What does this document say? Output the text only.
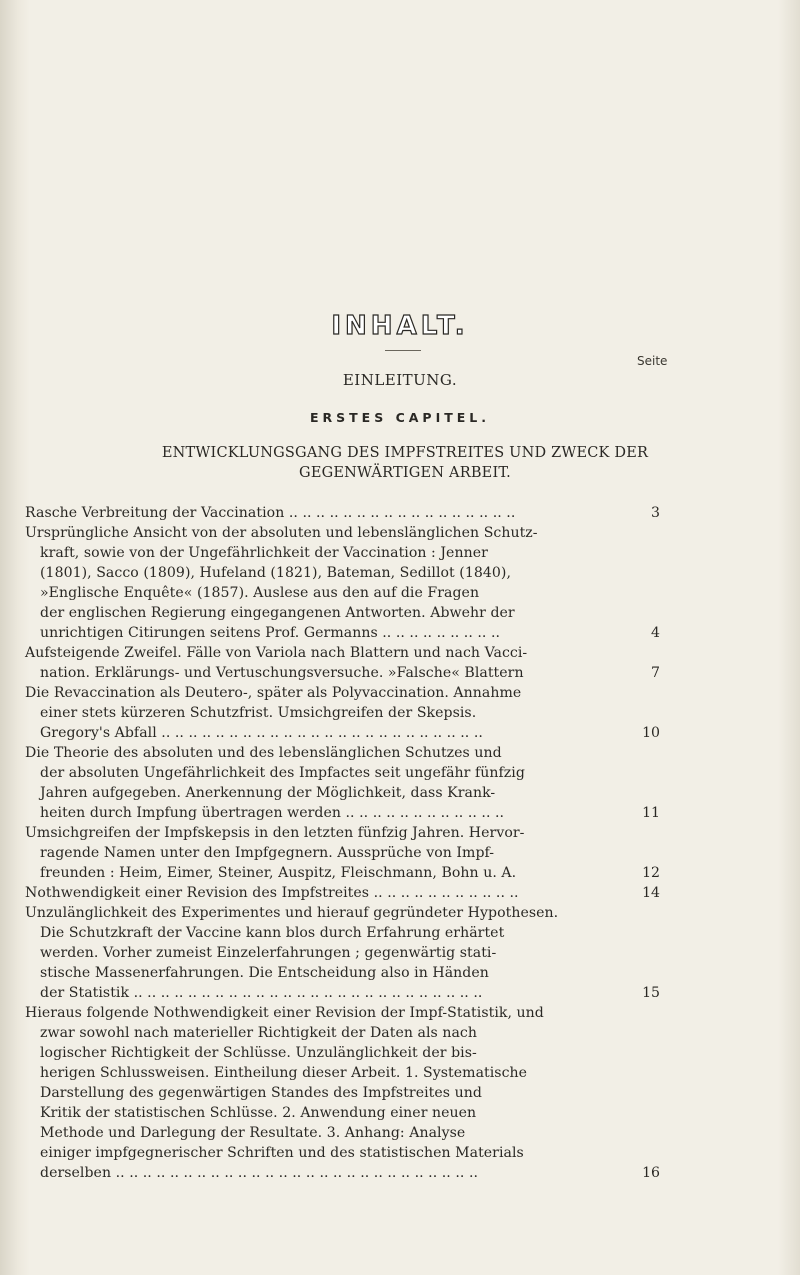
INHALT.
Seite
EINLEITUNG.
ERSTES CAPITEL.
ENTWICKLUNGSGANG DES IMPFSTREITES UND ZWECK DER
GEGENWÄRTIGEN ARBEIT.
Rasche Verbreitung der Vaccination .. .. .. .. .. .. .. .. .. .. .. .. .. .. .. .. ..	3
Ursprüngliche Ansicht von der absoluten und lebenslänglichen Schutz-
kraft, sowie von der Ungefährlichkeit der Vaccination : Jenner
(1801), Sacco (1809), Hufeland (1821), Bateman, Sedillot (1840),
»Englische Enquête« (1857). Auslese aus den auf die Fragen
der englischen Regierung eingegangenen Antworten. Abwehr der
unrichtigen Citirungen seitens Prof. Germanns .. .. .. .. .. .. .. .. ..	4
Aufsteigende Zweifel. Fälle von Variola nach Blattern und nach Vacci-
nation. Erklärungs- und Vertuschungsversuche. »Falsche« Blattern	7
Die Revaccination als Deutero-, später als Polyvaccination. Annahme
einer stets kürzeren Schutzfrist. Umsichgreifen der Skepsis.
Gregory's Abfall .. .. .. .. .. .. .. .. .. .. .. .. .. .. .. .. .. .. .. .. .. .. .. ..	10
Die Theorie des absoluten und des lebenslänglichen Schutzes und
der absoluten Ungefährlichkeit des Impfactes seit ungefähr fünfzig
Jahren aufgegeben. Anerkennung der Möglichkeit, dass Krank-
heiten durch Impfung übertragen werden .. .. .. .. .. .. .. .. .. .. .. ..	11
Umsichgreifen der Impfskepsis in den letzten fünfzig Jahren. Hervor-
ragende Namen unter den Impfgegnern. Aussprüche von Impf-
freunden : Heim, Eimer, Steiner, Auspitz, Fleischmann, Bohn u. A.	12
Nothwendigkeit einer Revision des Impfstreites .. .. .. .. .. .. .. .. .. .. ..	14
Unzulänglichkeit des Experimentes und hierauf gegründeter Hypothesen.
Die Schutzkraft der Vaccine kann blos durch Erfahrung erhärtet
werden. Vorher zumeist Einzelerfahrungen ; gegenwärtig stati-
stische Massenerfahrungen. Die Entscheidung also in Händen
der Statistik .. .. .. .. .. .. .. .. .. .. .. .. .. .. .. .. .. .. .. .. .. .. .. .. .. ..	15
Hieraus folgende Nothwendigkeit einer Revision der Impf-Statistik, und
zwar sowohl nach materieller Richtigkeit der Daten als nach
logischer Richtigkeit der Schlüsse. Unzulänglichkeit der bis-
herigen Schlussweisen. Eintheilung dieser Arbeit. 1. Systematische
Darstellung des gegenwärtigen Standes des Impfstreites und
Kritik der statistischen Schlüsse. 2. Anwendung einer neuen
Methode und Darlegung der Resultate. 3. Anhang: Analyse
einiger impfgegnerischer Schriften und des statistischen Materials
derselben .. .. .. .. .. .. .. .. .. .. .. .. .. .. .. .. .. .. .. .. .. .. .. .. .. .. ..	16
